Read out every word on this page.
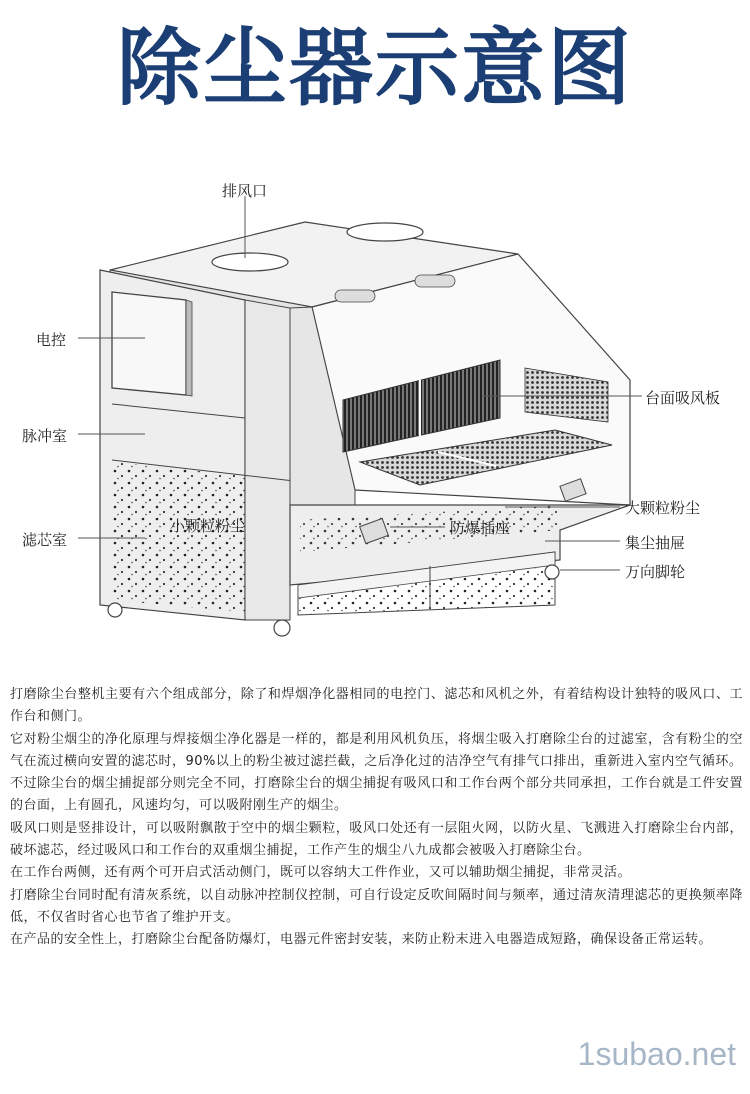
除尘器示意图
排风口
电控
脉冲室
滤芯室
小颗粒粉尘	防爆插座
台面吸风板
大颗粒粉尘
集尘抽屉
万向脚轮

打磨除尘台整机主要有六个组成部分，除了和焊烟净化器相同的电控门、滤芯和风机之外，有着结构设计独特的吸风口、工作台和侧门。

它对粉尘烟尘的净化原理与焊接烟尘净化器是一样的，都是利用风机负压，将烟尘吸入打磨除尘台的过滤室，含有粉尘的空气在流过横向安置的滤芯时，90%以上的粉尘被过滤拦截，之后净化过的洁净空气有排气口排出，重新进入室内空气循环。

不过除尘台的烟尘捕捉部分则完全不同，打磨除尘台的烟尘捕捉有吸风口和工作台两个部分共同承担，工作台就是工件安置的台面，上有圆孔，风速均匀，可以吸附刚生产的烟尘。

吸风口则是竖排设计，可以吸附飘散于空中的烟尘颗粒，吸风口处还有一层阻火网，以防火星、飞溅进入打磨除尘台内部，破坏滤芯，经过吸风口和工作台的双重烟尘捕捉，工作产生的烟尘八九成都会被吸入打磨除尘台。

在工作台两侧，还有两个可开启式活动侧门，既可以容纳大工件作业，又可以辅助烟尘捕捉，非常灵活。

打磨除尘台同时配有清灰系统，以自动脉冲控制仪控制，可自行设定反吹间隔时间与频率，通过清灰清理滤芯的更换频率降低，不仅省时省心也节省了维护开支。

在产品的安全性上，打磨除尘台配备防爆灯，电器元件密封安装，来防止粉末进入电器造成短路，确保设备正常运转。

1subao.net
